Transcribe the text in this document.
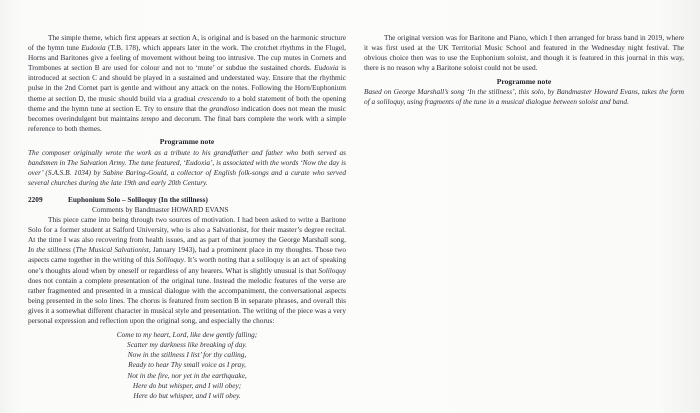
The simple theme, which first appears at section A, is original and is based on the harmonic structure of the hymn tune Eudoxia (T.B. 178), which appears later in the work. The crotchet rhythms in the Flugel, Horns and Baritones give a feeling of movement without being too intrusive. The cup mutes in Cornets and Trombones at section B are used for colour and not to ‘mute’ or subdue the sustained chords. Eudoxia is introduced at section C and should be played in a sustained and understated way. Ensure that the rhythmic pulse in the 2nd Cornet part is gentle and without any attack on the notes. Following the Horn/Euphonium theme at section D, the music should build via a gradual crescendo to a bold statement of both the opening theme and the hymn tune at section E. Try to ensure that the grandioso indication does not mean the music becomes overindulgent but maintains tempo and decorum. The final bars complete the work with a simple reference to both themes.

Programme note

The composer originally wrote the work as a tribute to his grandfather and father who both served as bandsmen in The Salvation Army. The tune featured, ‘Eudoxia’, is associated with the words ‘Now the day is over’ (S.A.S.B. 1034) by Sabine Baring-Gould, a collector of English folk-songs and a curate who served several churches during the late 19th and early 20th Century.

2209	Euphonium Solo – Soliloquy (In the stillness)
Comments by Bandmaster HOWARD EVANS

This piece came into being through two sources of motivation. I had been asked to write a Baritone Solo for a former student at Salford University, who is also a Salvationist, for their master’s degree recital. At the time I was also recovering from health issues, and as part of that journey the George Marshall song, In the stillness (The Musical Salvationist, January 1943), had a prominent place in my thoughts. Those two aspects came together in the writing of this Soliloquy. It’s worth noting that a soliloquy is an act of speaking one’s thoughts aloud when by oneself or regardless of any hearers. What is slightly unusual is that Soliloquy does not contain a complete presentation of the original tune. Instead the melodic features of the verse are rather fragmented and presented in a musical dialogue with the accompaniment, the conversational aspects being presented in the solo lines. The chorus is featured from section B in separate phrases, and overall this gives it a somewhat different character in musical style and presentation. The writing of the piece was a very personal expression and reflection upon the original song, and especially the chorus:

Come to my heart, Lord, like dew gently falling;
Scatter my darkness like breaking of day.
Now in the stillness I list’ for thy calling,
Ready to hear Thy small voice as I pray,
Not in the fire, nor yet in the earthquake,
Here do but whisper, and I will obey;
Here do but whisper, and I will obey.

The original version was for Baritone and Piano, which I then arranged for brass band in 2019, where it was first used at the UK Territorial Music School and featured in the Wednesday night festival. The obvious choice then was to use the Euphonium soloist, and though it is featured in this journal in this way, there is no reason why a Baritone soloist could not be used.

Programme note

Based on George Marshall’s song ‘In the stillness’, this solo, by Bandmaster Howard Evans, takes the form of a soliloquy, using fragments of the tune in a musical dialogue between soloist and band.
